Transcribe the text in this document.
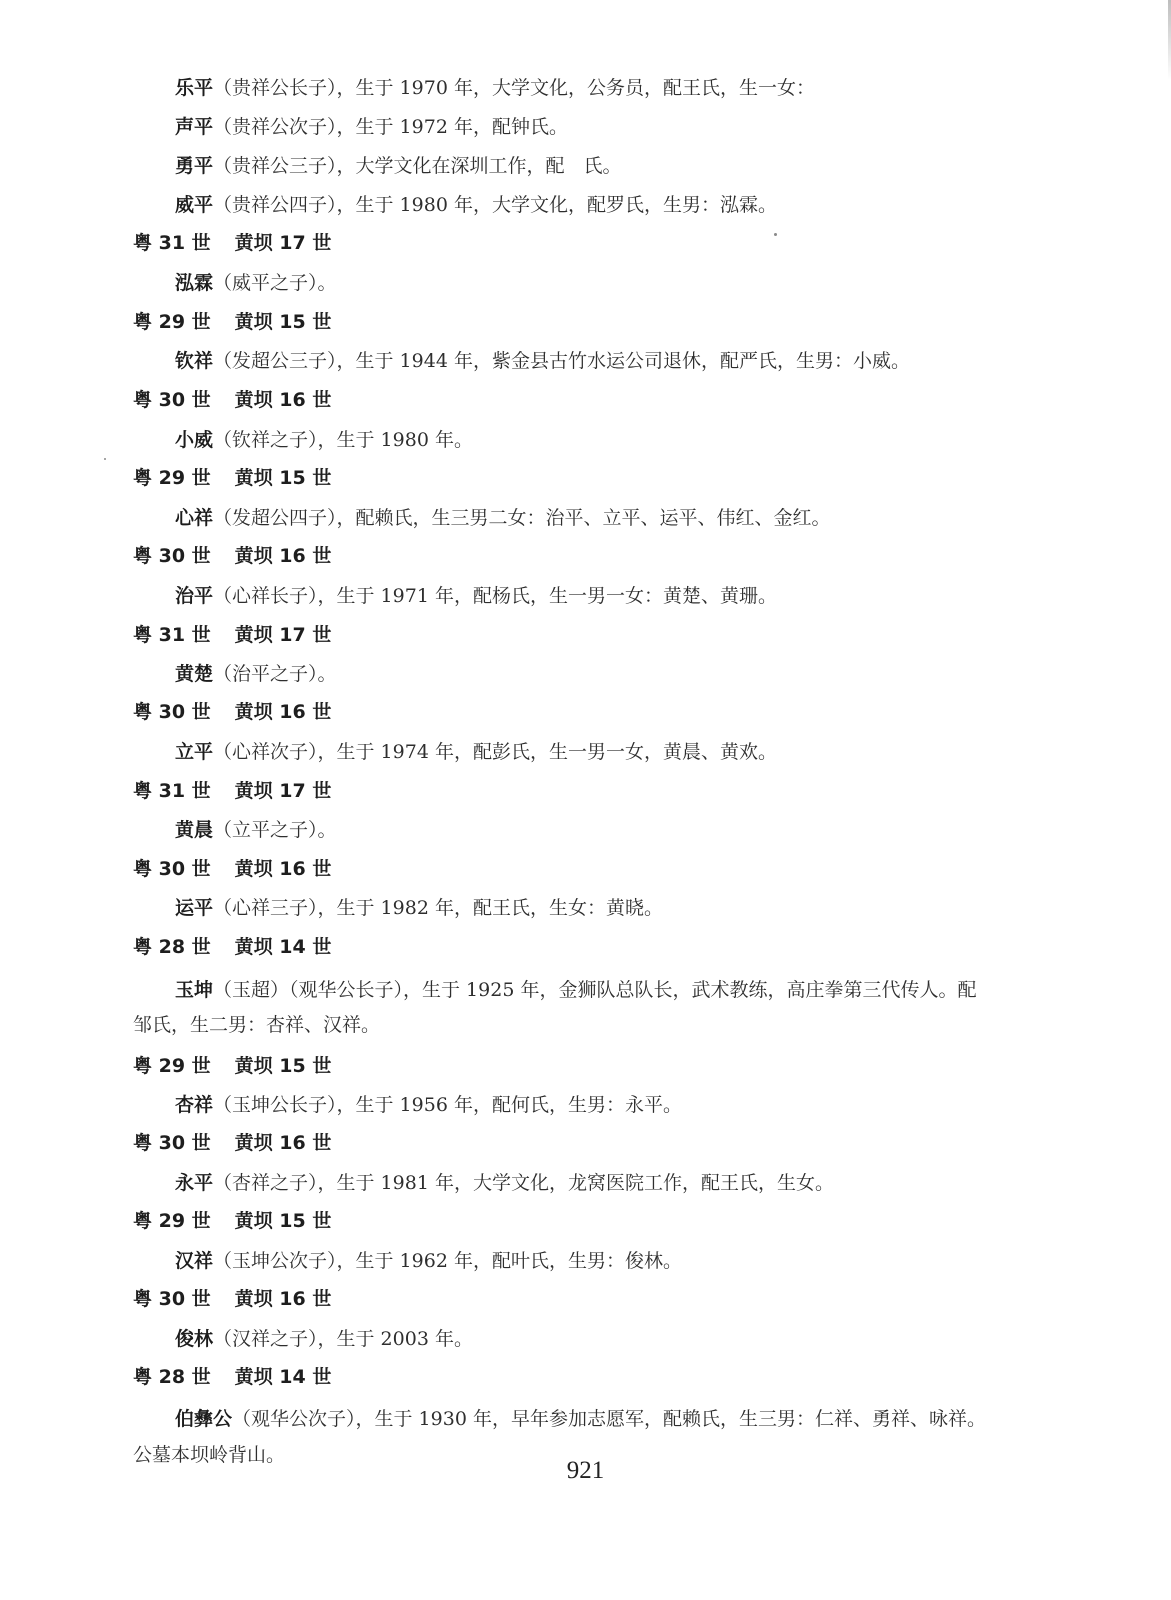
乐平（贵祥公长子），生于 1970 年，大学文化，公务员，配王氏，生一女：
声平（贵祥公次子），生于 1972 年，配钟氏。
勇平（贵祥公三子），大学文化在深圳工作，配　氏。
威平（贵祥公四子），生于 1980 年，大学文化，配罗氏，生男：泓霖。
粤 31 世 黄坝 17 世
泓霖（威平之子）。
粤 29 世 黄坝 15 世
钦祥（发超公三子），生于 1944 年，紫金县古竹水运公司退休，配严氏，生男：小威。
粤 30 世 黄坝 16 世
小威（钦祥之子），生于 1980 年。
粤 29 世 黄坝 15 世
心祥（发超公四子），配赖氏，生三男二女：治平、立平、运平、伟红、金红。
粤 30 世 黄坝 16 世
治平（心祥长子），生于 1971 年，配杨氏，生一男一女：黄楚、黄珊。
粤 31 世 黄坝 17 世
黄楚（治平之子）。
粤 30 世 黄坝 16 世
立平（心祥次子），生于 1974 年，配彭氏，生一男一女，黄晨、黄欢。
粤 31 世 黄坝 17 世
黄晨（立平之子）。
粤 30 世 黄坝 16 世
运平（心祥三子），生于 1982 年，配王氏，生女：黄晓。
粤 28 世 黄坝 14 世
玉坤（玉超）（观华公长子），生于 1925 年，金狮队总队长，武术教练，高庄拳第三代传人。配
邹氏，生二男：杏祥、汉祥。
粤 29 世 黄坝 15 世
杏祥（玉坤公长子），生于 1956 年，配何氏，生男：永平。
粤 30 世 黄坝 16 世
永平（杏祥之子），生于 1981 年，大学文化，龙窝医院工作，配王氏，生女。
粤 29 世 黄坝 15 世
汉祥（玉坤公次子），生于 1962 年，配叶氏，生男：俊林。
粤 30 世 黄坝 16 世
俊林（汉祥之子），生于 2003 年。
粤 28 世 黄坝 14 世
伯彝公（观华公次子），生于 1930 年，早年参加志愿军，配赖氏，生三男：仁祥、勇祥、咏祥。
公墓本坝岭背山。
921
